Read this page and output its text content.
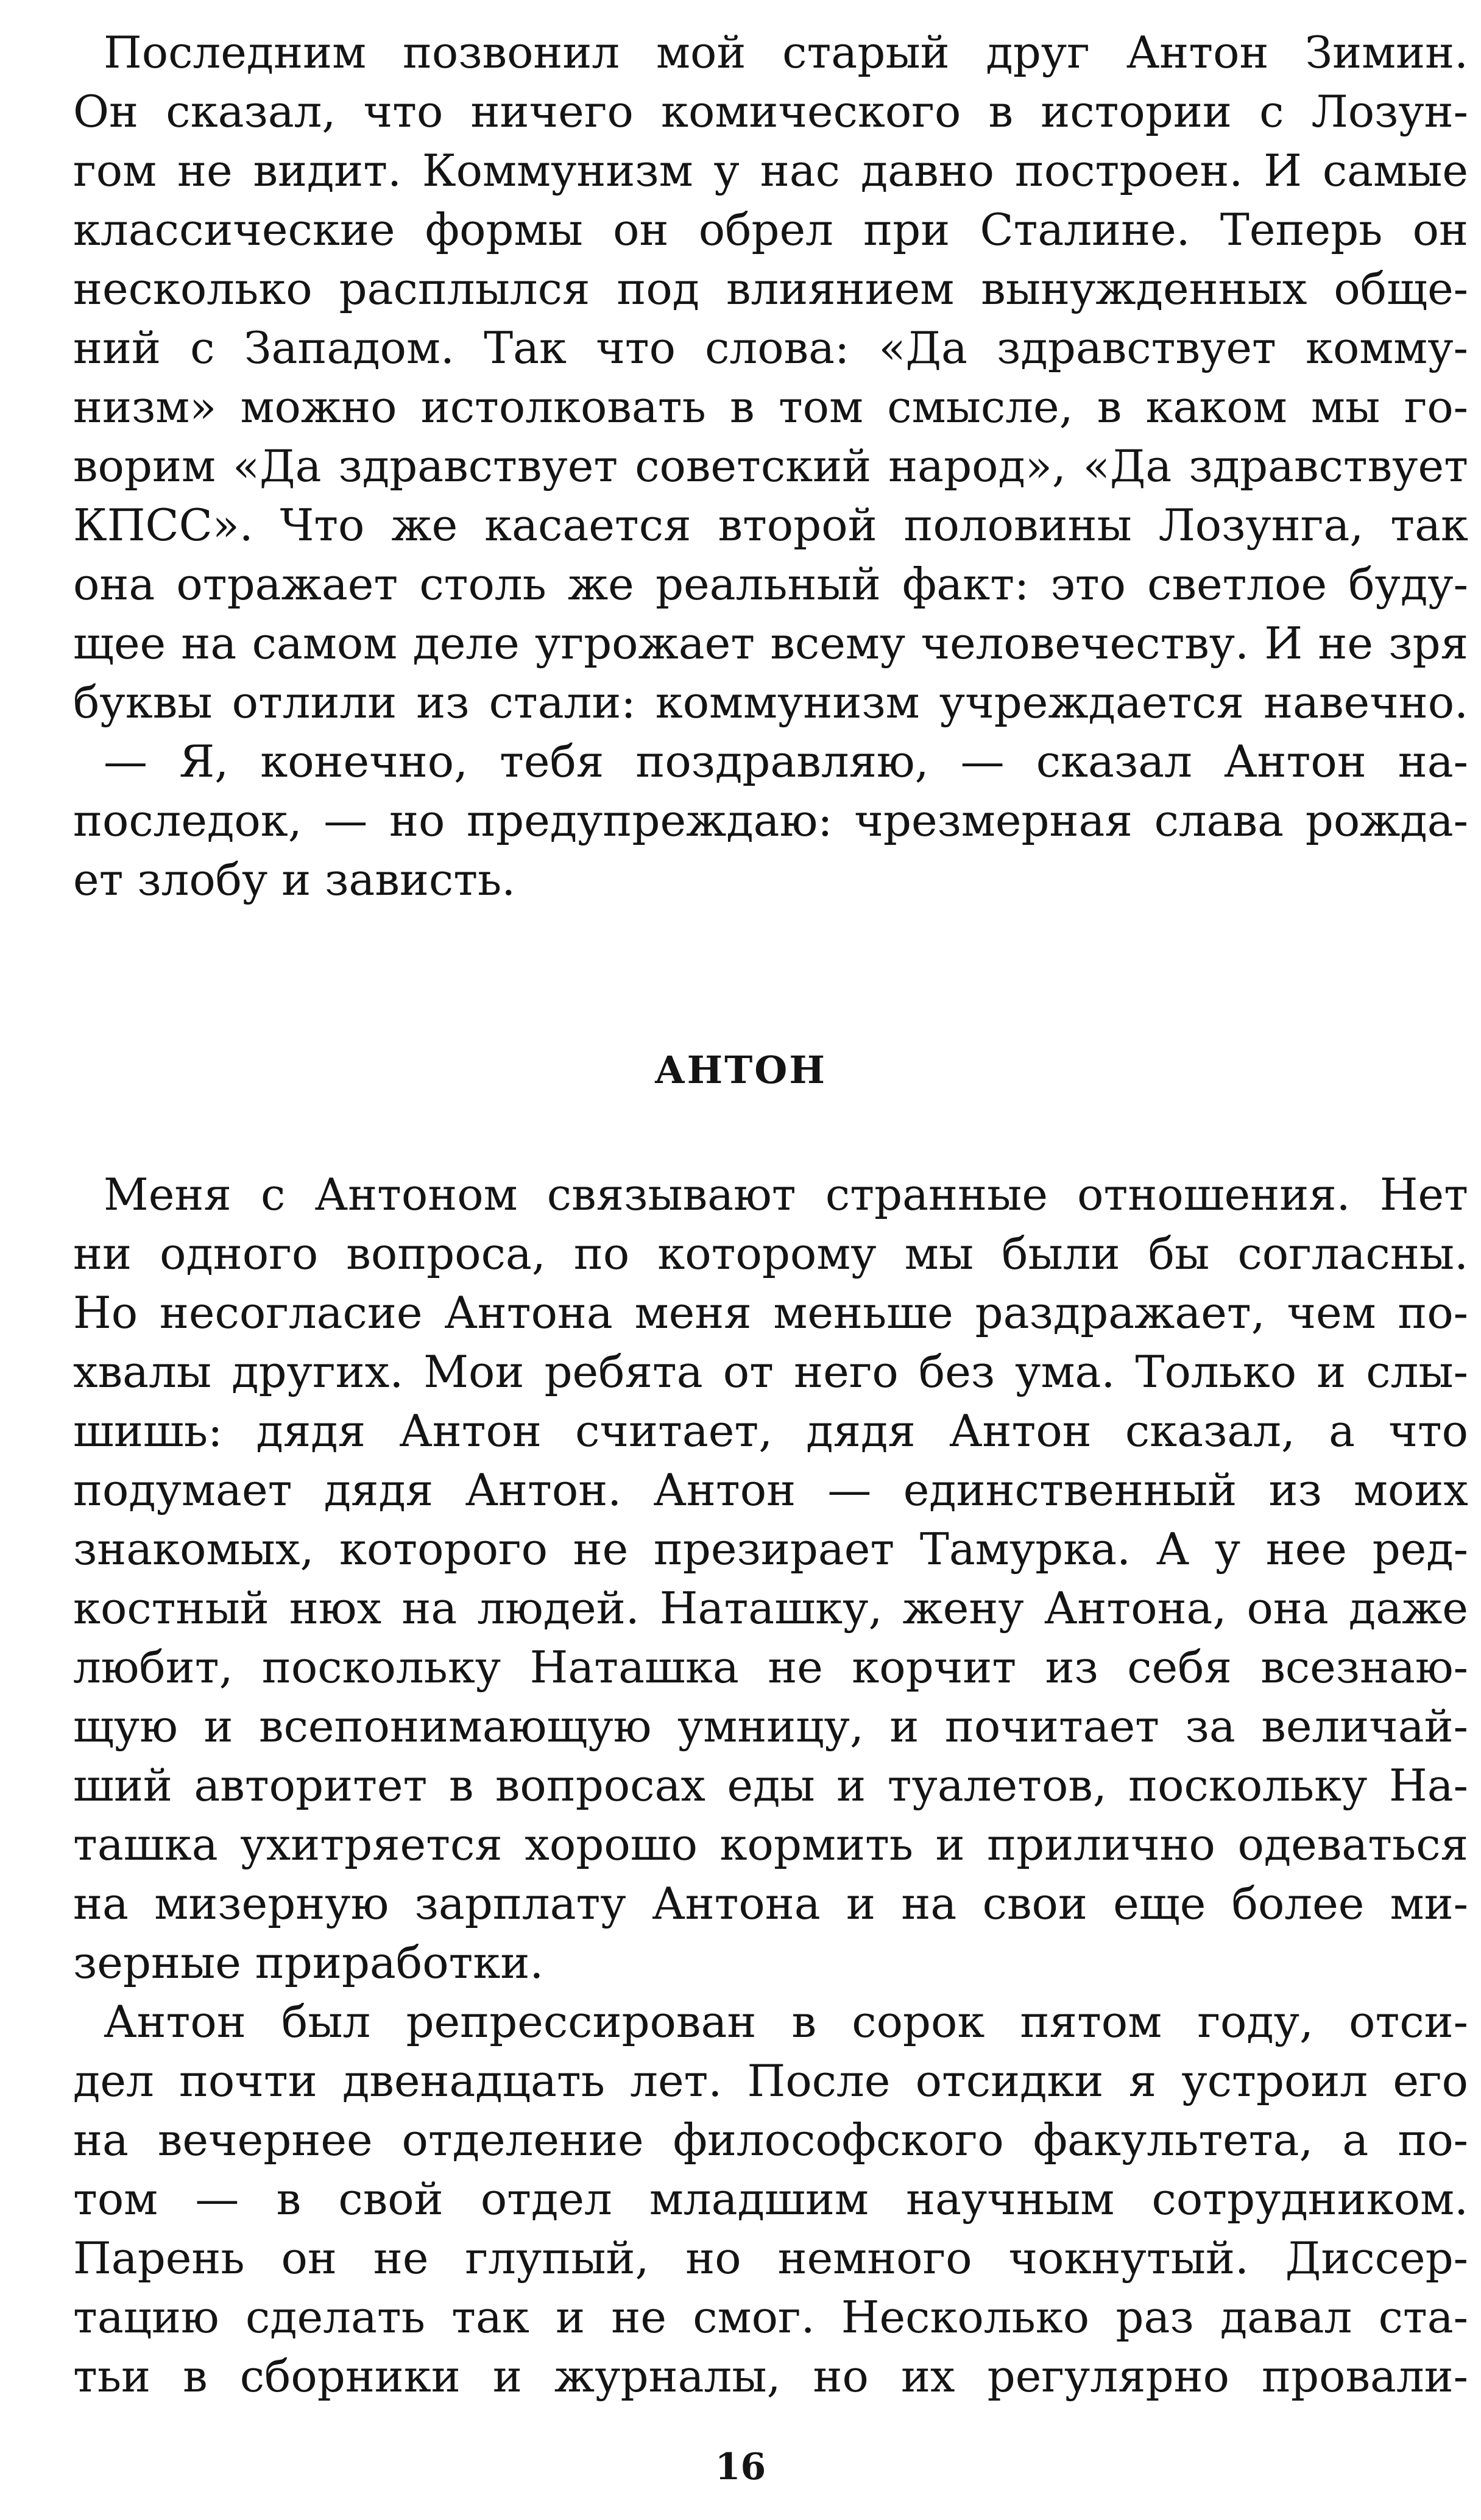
Последним позвонил мой старый друг Антон Зимин.
Он сказал, что ничего комического в истории с Лозун-
гом не видит. Коммунизм у нас давно построен. И самые
классические формы он обрел при Сталине. Теперь он
несколько расплылся под влиянием вынужденных обще-
ний с Западом. Так что слова: «Да здравствует комму-
низм» можно истолковать в том смысле, в каком мы го-
ворим «Да здравствует советский народ», «Да здравствует
КПСС». Что же касается второй половины Лозунга, так
она отражает столь же реальный факт: это светлое буду-
щее на самом деле угрожает всему человечеству. И не зря
буквы отлили из стали: коммунизм учреждается навечно.
— Я, конечно, тебя поздравляю, — сказал Антон на-
последок, — но предупреждаю: чрезмерная слава рожда-
ет злобу и зависть.
АНТОН
Меня с Антоном связывают странные отношения. Нет
ни одного вопроса, по которому мы были бы согласны.
Но несогласие Антона меня меньше раздражает, чем по-
хвалы других. Мои ребята от него без ума. Только и слы-
шишь: дядя Антон считает, дядя Антон сказал, а что
подумает дядя Антон. Антон — единственный из моих
знакомых, которого не презирает Тамурка. А у нее ред-
костный нюх на людей. Наташку, жену Антона, она даже
любит, поскольку Наташка не корчит из себя всезнаю-
щую и всепонимающую умницу, и почитает за величай-
ший авторитет в вопросах еды и туалетов, поскольку На-
ташка ухитряется хорошо кормить и прилично одеваться
на мизерную зарплату Антона и на свои еще более ми-
зерные приработки.
Антон был репрессирован в сорок пятом году, отси-
дел почти двенадцать лет. После отсидки я устроил его
на вечернее отделение философского факультета, а по-
том — в свой отдел младшим научным сотрудником.
Парень он не глупый, но немного чокнутый. Диссер-
тацию сделать так и не смог. Несколько раз давал ста-
тьи в сборники и журналы, но их регулярно провали-
16
